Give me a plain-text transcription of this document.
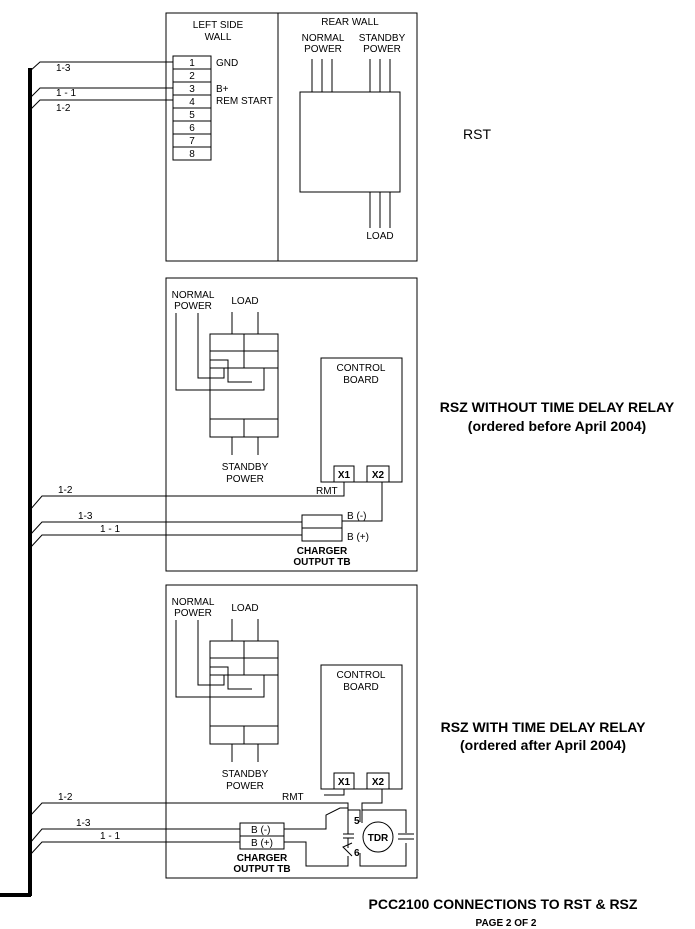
LEFT SIDE
WALL
1
2
3
4
5
6
7
8
GND
B+
REM START
1-3
1 - 1
1-2
REAR WALL
NORMAL
POWER
STANDBY
POWER
LOAD
RST
NORMAL
POWER LOAD
STANDBY
POWER
CONTROL
BOARD
X1 X2
1-2	RMT
1-3
1 - 1
B (-)
B (+)
CHARGER
OUTPUT TB
RSZ WITHOUT TIME DELAY RELAY
(ordered before April 2004)
NORMAL
POWER LOAD
STANDBY
POWER
CONTROL
BOARD
X1 X2
1-2	RMT
1-3
1 - 1
B (-)
B (+)
CHARGER
OUTPUT TB
5
6
TDR
RSZ WITH TIME DELAY RELAY
(ordered after April 2004)
PCC2100 CONNECTIONS TO RST & RSZ
PAGE 2 OF 2
